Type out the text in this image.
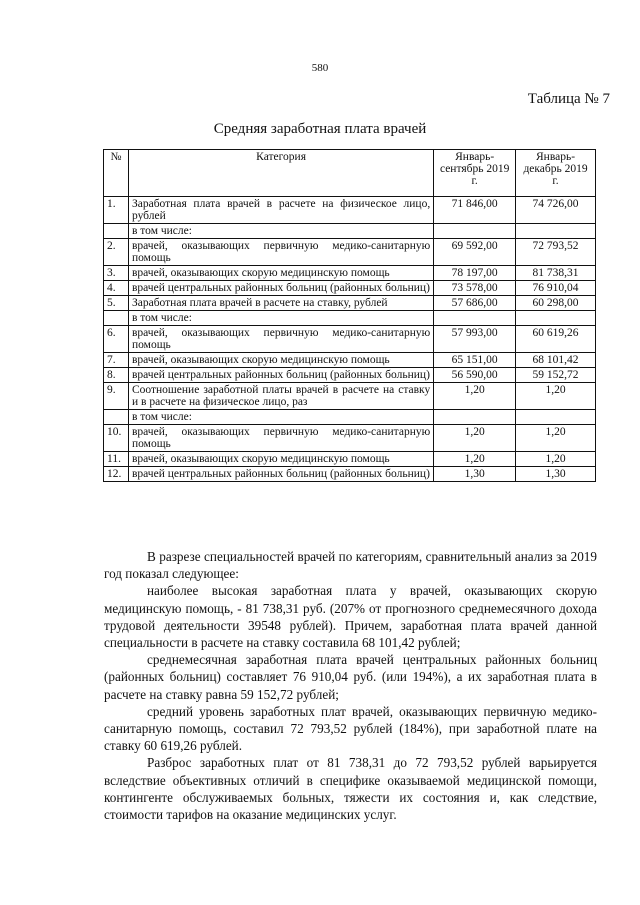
580
Таблица № 7
Средняя заработная плата врачей
№	Категория	Январь-сентябрь 2019 г.	Январь-декабрь 2019 г.
1.	Заработная плата врачей в расчете на физическое лицо, рублей	71 846,00	74 726,00
	в том числе:		
2.	врачей, оказывающих первичную медико-санитарную помощь	69 592,00	72 793,52
3.	врачей, оказывающих скорую медицинскую помощь	78 197,00	81 738,31
4.	врачей центральных районных больниц (районных больниц)	73 578,00	76 910,04
5.	Заработная плата врачей в расчете на ставку, рублей	57 686,00	60 298,00
	в том числе:		
6.	врачей, оказывающих первичную медико-санитарную помощь	57 993,00	60 619,26
7.	врачей, оказывающих скорую медицинскую помощь	65 151,00	68 101,42
8.	врачей центральных районных больниц (районных больниц)	56 590,00	59 152,72
9.	Соотношение заработной платы врачей в расчете на ставку и в расчете на физическое лицо, раз	1,20	1,20
	в том числе:		
10.	врачей, оказывающих первичную медико-санитарную помощь	1,20	1,20
11.	врачей, оказывающих скорую медицинскую помощь	1,20	1,20
12.	врачей центральных районных больниц (районных больниц)	1,30	1,30

В разрезе специальностей врачей по категориям, сравнительный анализ за 2019 год показал следующее:

наиболее высокая заработная плата у врачей, оказывающих скорую медицинскую помощь, - 81 738,31 руб. (207% от прогнозного среднемесячного дохода трудовой деятельности 39548 рублей). Причем, заработная плата врачей данной специальности в расчете на ставку составила 68 101,42 рублей;

среднемесячная заработная плата врачей центральных районных больниц (районных больниц) составляет 76 910,04 руб. (или 194%), а их заработная плата в расчете на ставку равна 59 152,72 рублей;

средний уровень заработных плат врачей, оказывающих первичную медико-санитарную помощь, составил 72 793,52 рублей (184%), при заработной плате на ставку 60 619,26 рублей.

Разброс заработных плат от 81 738,31 до 72 793,52 рублей варьируется вследствие объективных отличий в специфике оказываемой медицинской помощи, контингенте обслуживаемых больных, тяжести их состояния и, как следствие, стоимости тарифов на оказание медицинских услуг.
